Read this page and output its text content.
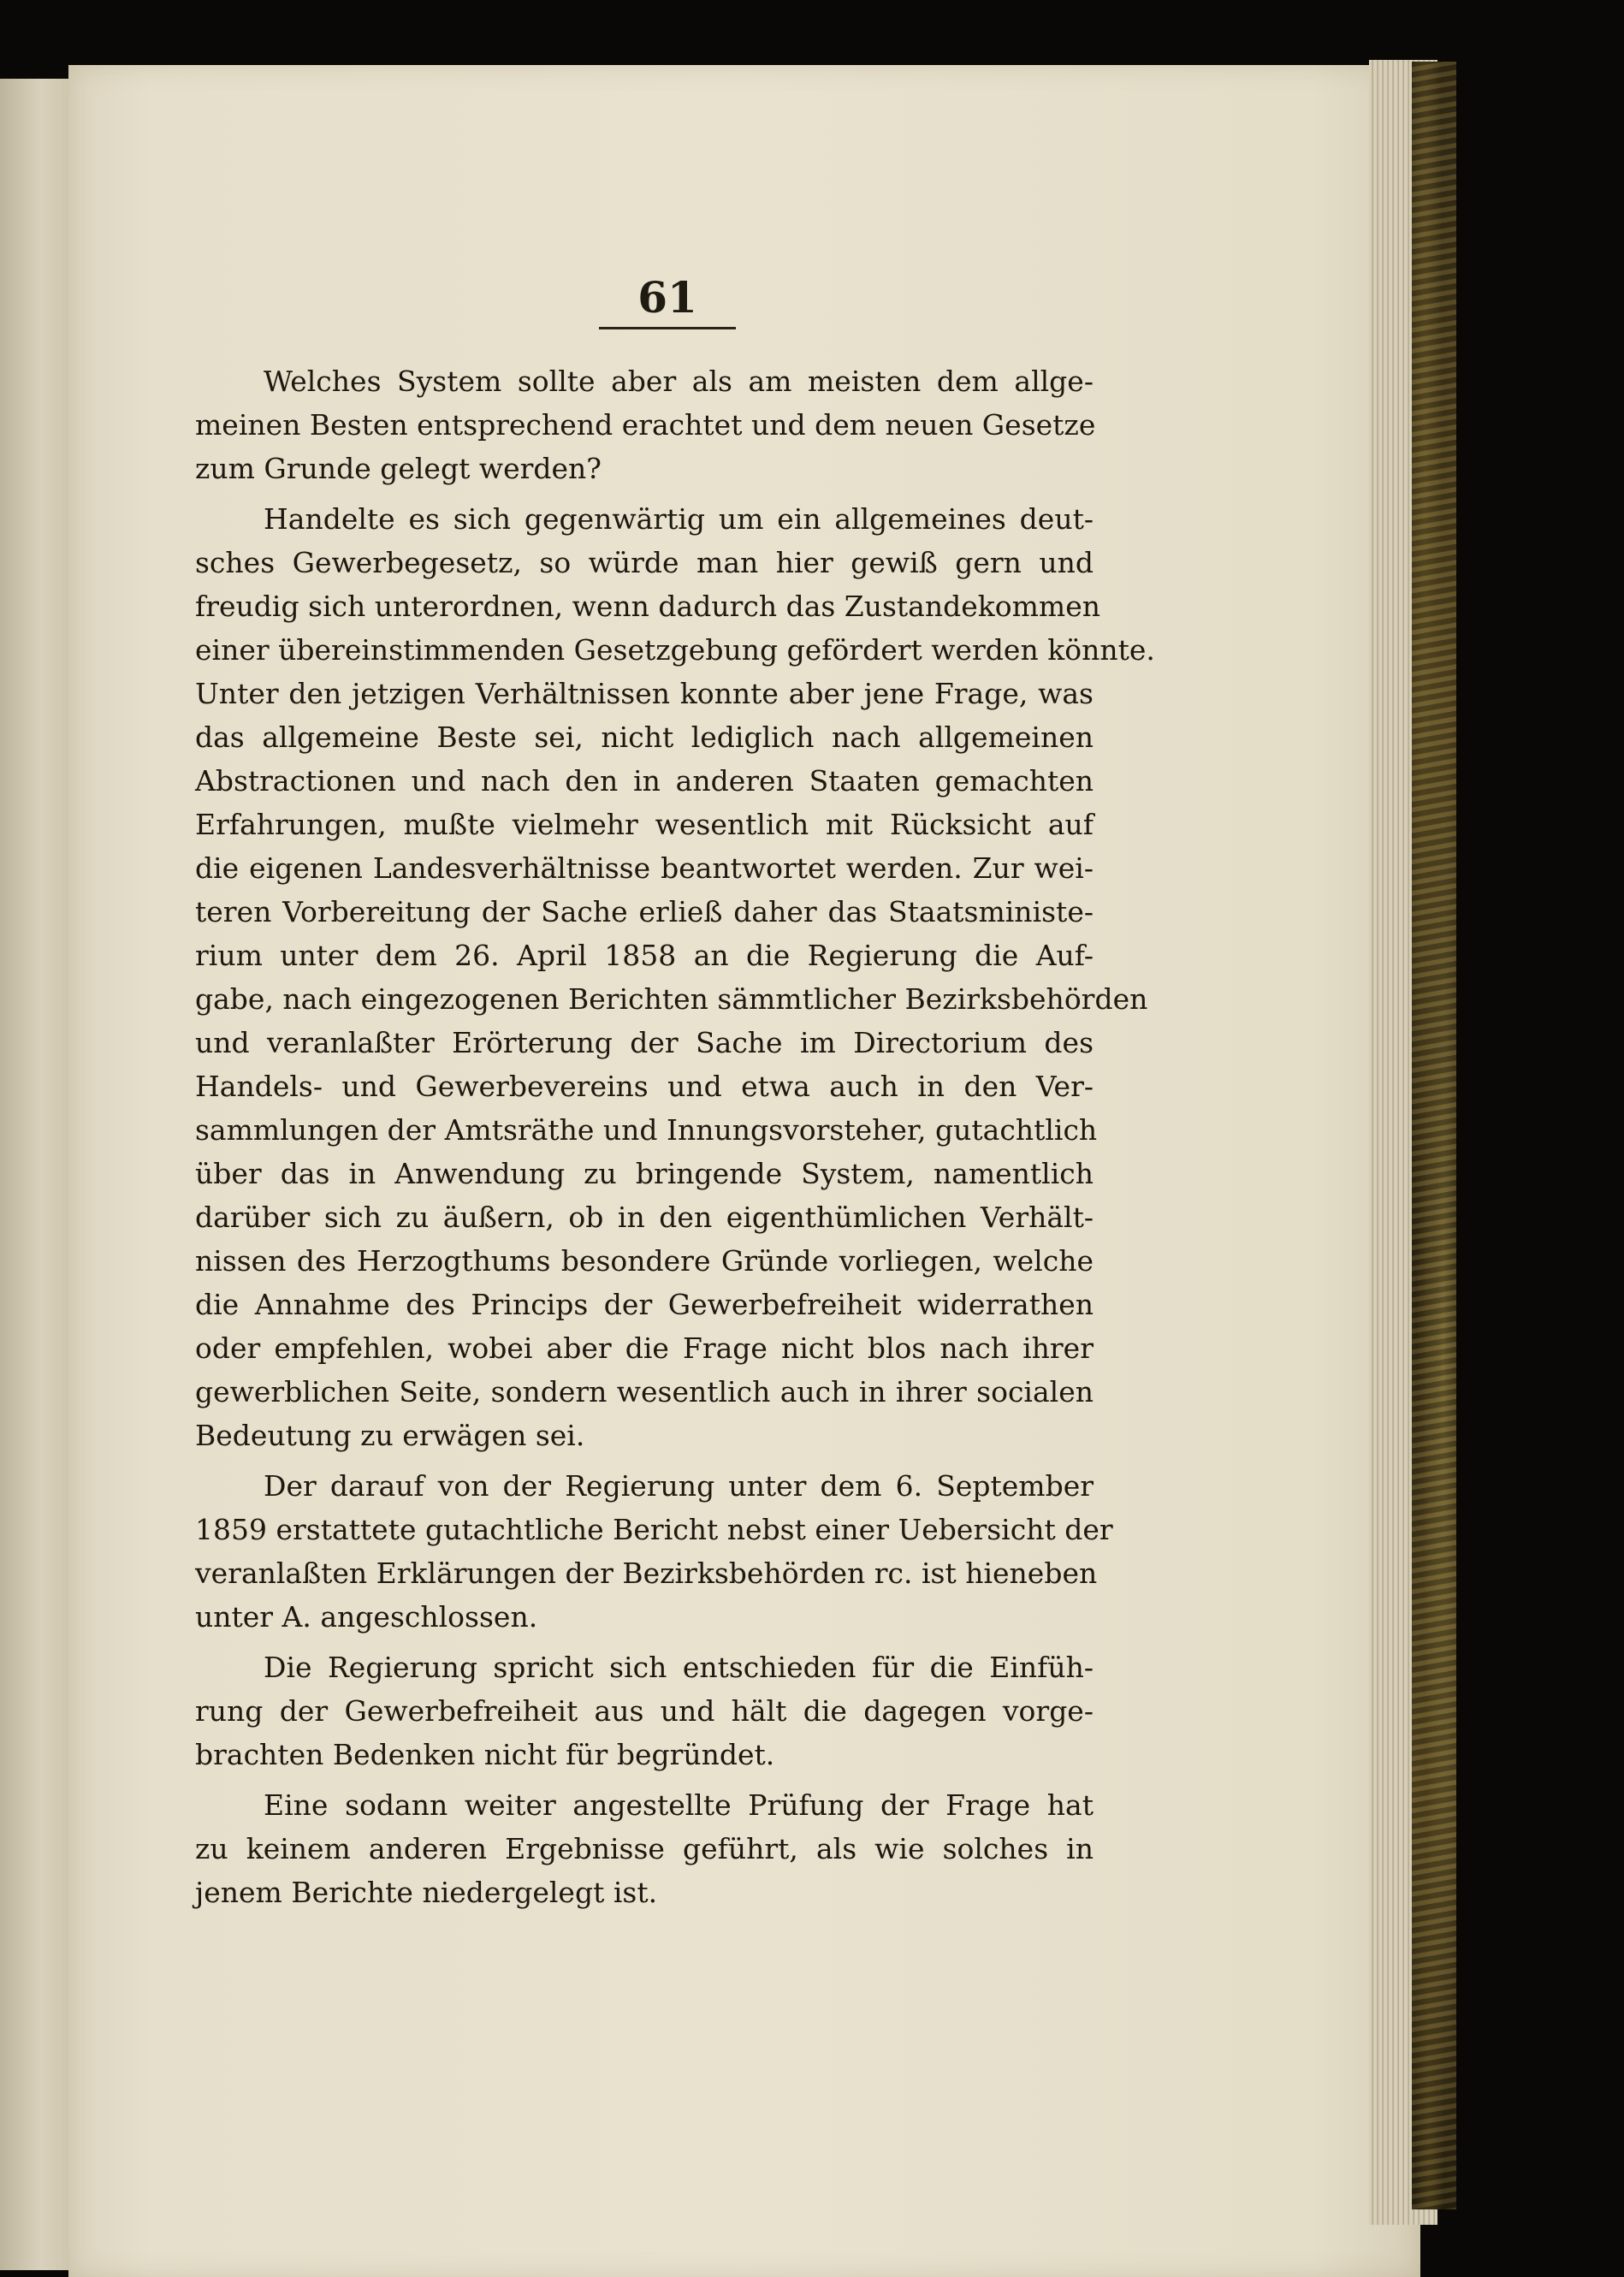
61
Welches System sollte aber als am meisten dem allge-
meinen Besten entsprechend erachtet und dem neuen Gesetze
zum Grunde gelegt werden?
Handelte es sich gegenwärtig um ein allgemeines deut-
sches Gewerbegesetz, so würde man hier gewiß gern und
freudig sich unterordnen, wenn dadurch das Zustandekommen
einer übereinstimmenden Gesetzgebung gefördert werden könnte.
Unter den jetzigen Verhältnissen konnte aber jene Frage, was
das allgemeine Beste sei, nicht lediglich nach allgemeinen
Abstractionen und nach den in anderen Staaten gemachten
Erfahrungen, mußte vielmehr wesentlich mit Rücksicht auf
die eigenen Landesverhältnisse beantwortet werden. Zur wei-
teren Vorbereitung der Sache erließ daher das Staatsministe-
rium unter dem 26. April 1858 an die Regierung die Auf-
gabe, nach eingezogenen Berichten sämmtlicher Bezirksbehörden
und veranlaßter Erörterung der Sache im Directorium des
Handels- und Gewerbevereins und etwa auch in den Ver-
sammlungen der Amtsräthe und Innungsvorsteher, gutachtlich
über das in Anwendung zu bringende System, namentlich
darüber sich zu äußern, ob in den eigenthümlichen Verhält-
nissen des Herzogthums besondere Gründe vorliegen, welche
die Annahme des Princips der Gewerbefreiheit widerrathen
oder empfehlen, wobei aber die Frage nicht blos nach ihrer
gewerblichen Seite, sondern wesentlich auch in ihrer socialen
Bedeutung zu erwägen sei.
Der darauf von der Regierung unter dem 6. September
1859 erstattete gutachtliche Bericht nebst einer Uebersicht der
veranlaßten Erklärungen der Bezirksbehörden rc. ist hieneben
unter A. angeschlossen.
Die Regierung spricht sich entschieden für die Einfüh-
rung der Gewerbefreiheit aus und hält die dagegen vorge-
brachten Bedenken nicht für begründet.
Eine sodann weiter angestellte Prüfung der Frage hat
zu keinem anderen Ergebnisse geführt, als wie solches in
jenem Berichte niedergelegt ist.
